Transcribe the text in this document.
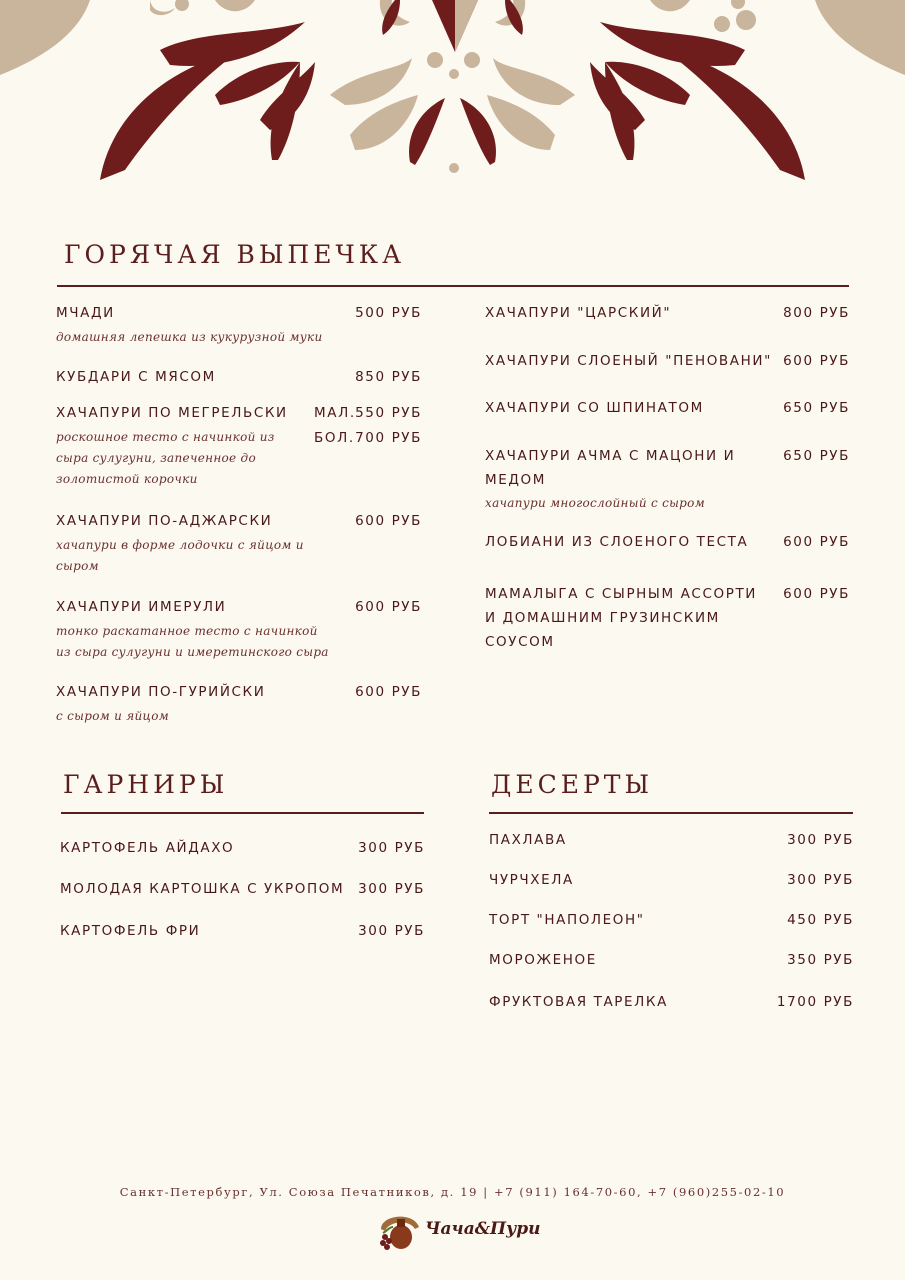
ГОРЯЧАЯ ВЫПЕЧКА
МЧАДИ	500 РУБ
домашняя лепешка из кукурузной муки
КУБДАРИ С МЯСОМ	850 РУБ
ХАЧАПУРИ ПО МЕГРЕЛЬСКИ МАЛ. 550 РУБ
БОЛ. 700 РУБ
роскошное тесто с начинкой из
сыра сулугуни, запеченное до
золотистой корочки
ХАЧАПУРИ ПО-АДЖАРСКИ	600 РУБ
хачапури в форме лодочки с яйцом и
сыром
ХАЧАПУРИ ИМЕРУЛИ	600 РУБ
тонко раскатанное тесто с начинкой
из сыра сулугуни и имеретинского сыра
ХАЧАПУРИ ПО-ГУРИЙСКИ	600 РУБ
с сыром и яйцом
ХАЧАПУРИ "ЦАРСКИЙ"	800 РУБ
ХАЧАПУРИ СЛОЕНЫЙ "ПЕНОВАНИ" 600 РУБ
ХАЧАПУРИ СО ШПИНАТОМ	650 РУБ
ХАЧАПУРИ АЧМА С МАЦОНИ И
МЕДОМ
650 РУБ
хачапури многослойный с сыром
ЛОБИАНИ ИЗ СЛОЕНОГО ТЕСТА	600 РУБ
МАМАЛЫГА С СЫРНЫМ АССОРТИ
И ДОМАШНИМ ГРУЗИНСКИМ
СОУСОМ
600 РУБ
ГАРНИРЫ
КАРТОФЕЛЬ АЙДАХО	300 РУБ
МОЛОДАЯ КАРТОШКА С УКРОПОМ 300 РУБ
КАРТОФЕЛЬ ФРИ	300 РУБ
ДЕСЕРТЫ
ПАХЛАВА	300 РУБ
ЧУРЧХЕЛА	300 РУБ
ТОРТ "НАПОЛЕОН"	450 РУБ
МОРОЖЕНОЕ	350 РУБ
ФРУКТОВАЯ ТАРЕЛКА	1700 РУБ
Санкт-Петербург, Ул. Союза Печатников, д. 19 | +7 (911) 164-70-60, +7 (960)255-02-10
Чача&Пури
